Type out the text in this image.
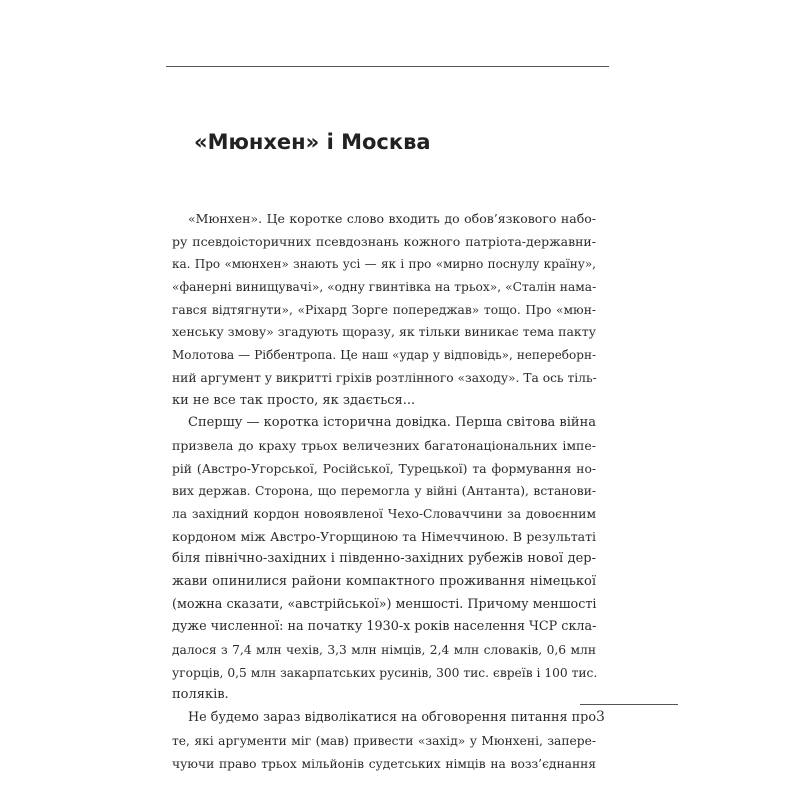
«Мюнхен» і Москва
«Мюнхен». Це коротке слово входить до обов’язкового набо-
ру псевдоісторичних псевдознань кожного патріота-державни-
ка. Про «мюнхен» знають усі — як і про «мирно поснулу країну»,
«фанерні винищувачі», «одну гвинтівка на трьох», «Сталін нама-
гався відтягнути», «Ріхард Зорге попереджав» тощо. Про «мюн-
хенську змову» згадують щоразу, як тільки виникає тема пакту
Молотова — Ріббентропа. Це наш «удар у відповідь», непереборн-
ний аргумент у викритті гріхів розтлінного «заходу». Та ось тіль-
ки не все так просто, як здається...
Спершу — коротка історична довідка. Перша світова війна
призвела до краху трьох величезних багатонаціональних імпе-
рій (Австро-Угорської, Російської, Турецької) та формування но-
вих держав. Сторона, що перемогла у війні (Антанта), встанови-
ла західний кордон новоявленої Чехо-Словаччини за довоєнним
кордоном між Австро-Угорщиною та Німеччиною. В результаті
біля північно-західних і південно-західних рубежів нової дер-
жави опинилися райони компактного проживання німецької
(можна сказати, «австрійської») меншості. Причому меншості
дуже численної: на початку 1930-х років населення ЧСР скла-
далося з 7,4 млн чехів, 3,3 млн німців, 2,4 млн словаків, 0,6 млн
угорців, 0,5 млн закарпатських русинів, 300 тис. євреїв і 100 тис.
поляків.
Не будемо зараз відволікатися на обговорення питання про
те, які аргументи міг (мав) привести «захід» у Мюнхені, запере-
чуючи право трьох мільйонів судетських німців на возз’єднання
3
